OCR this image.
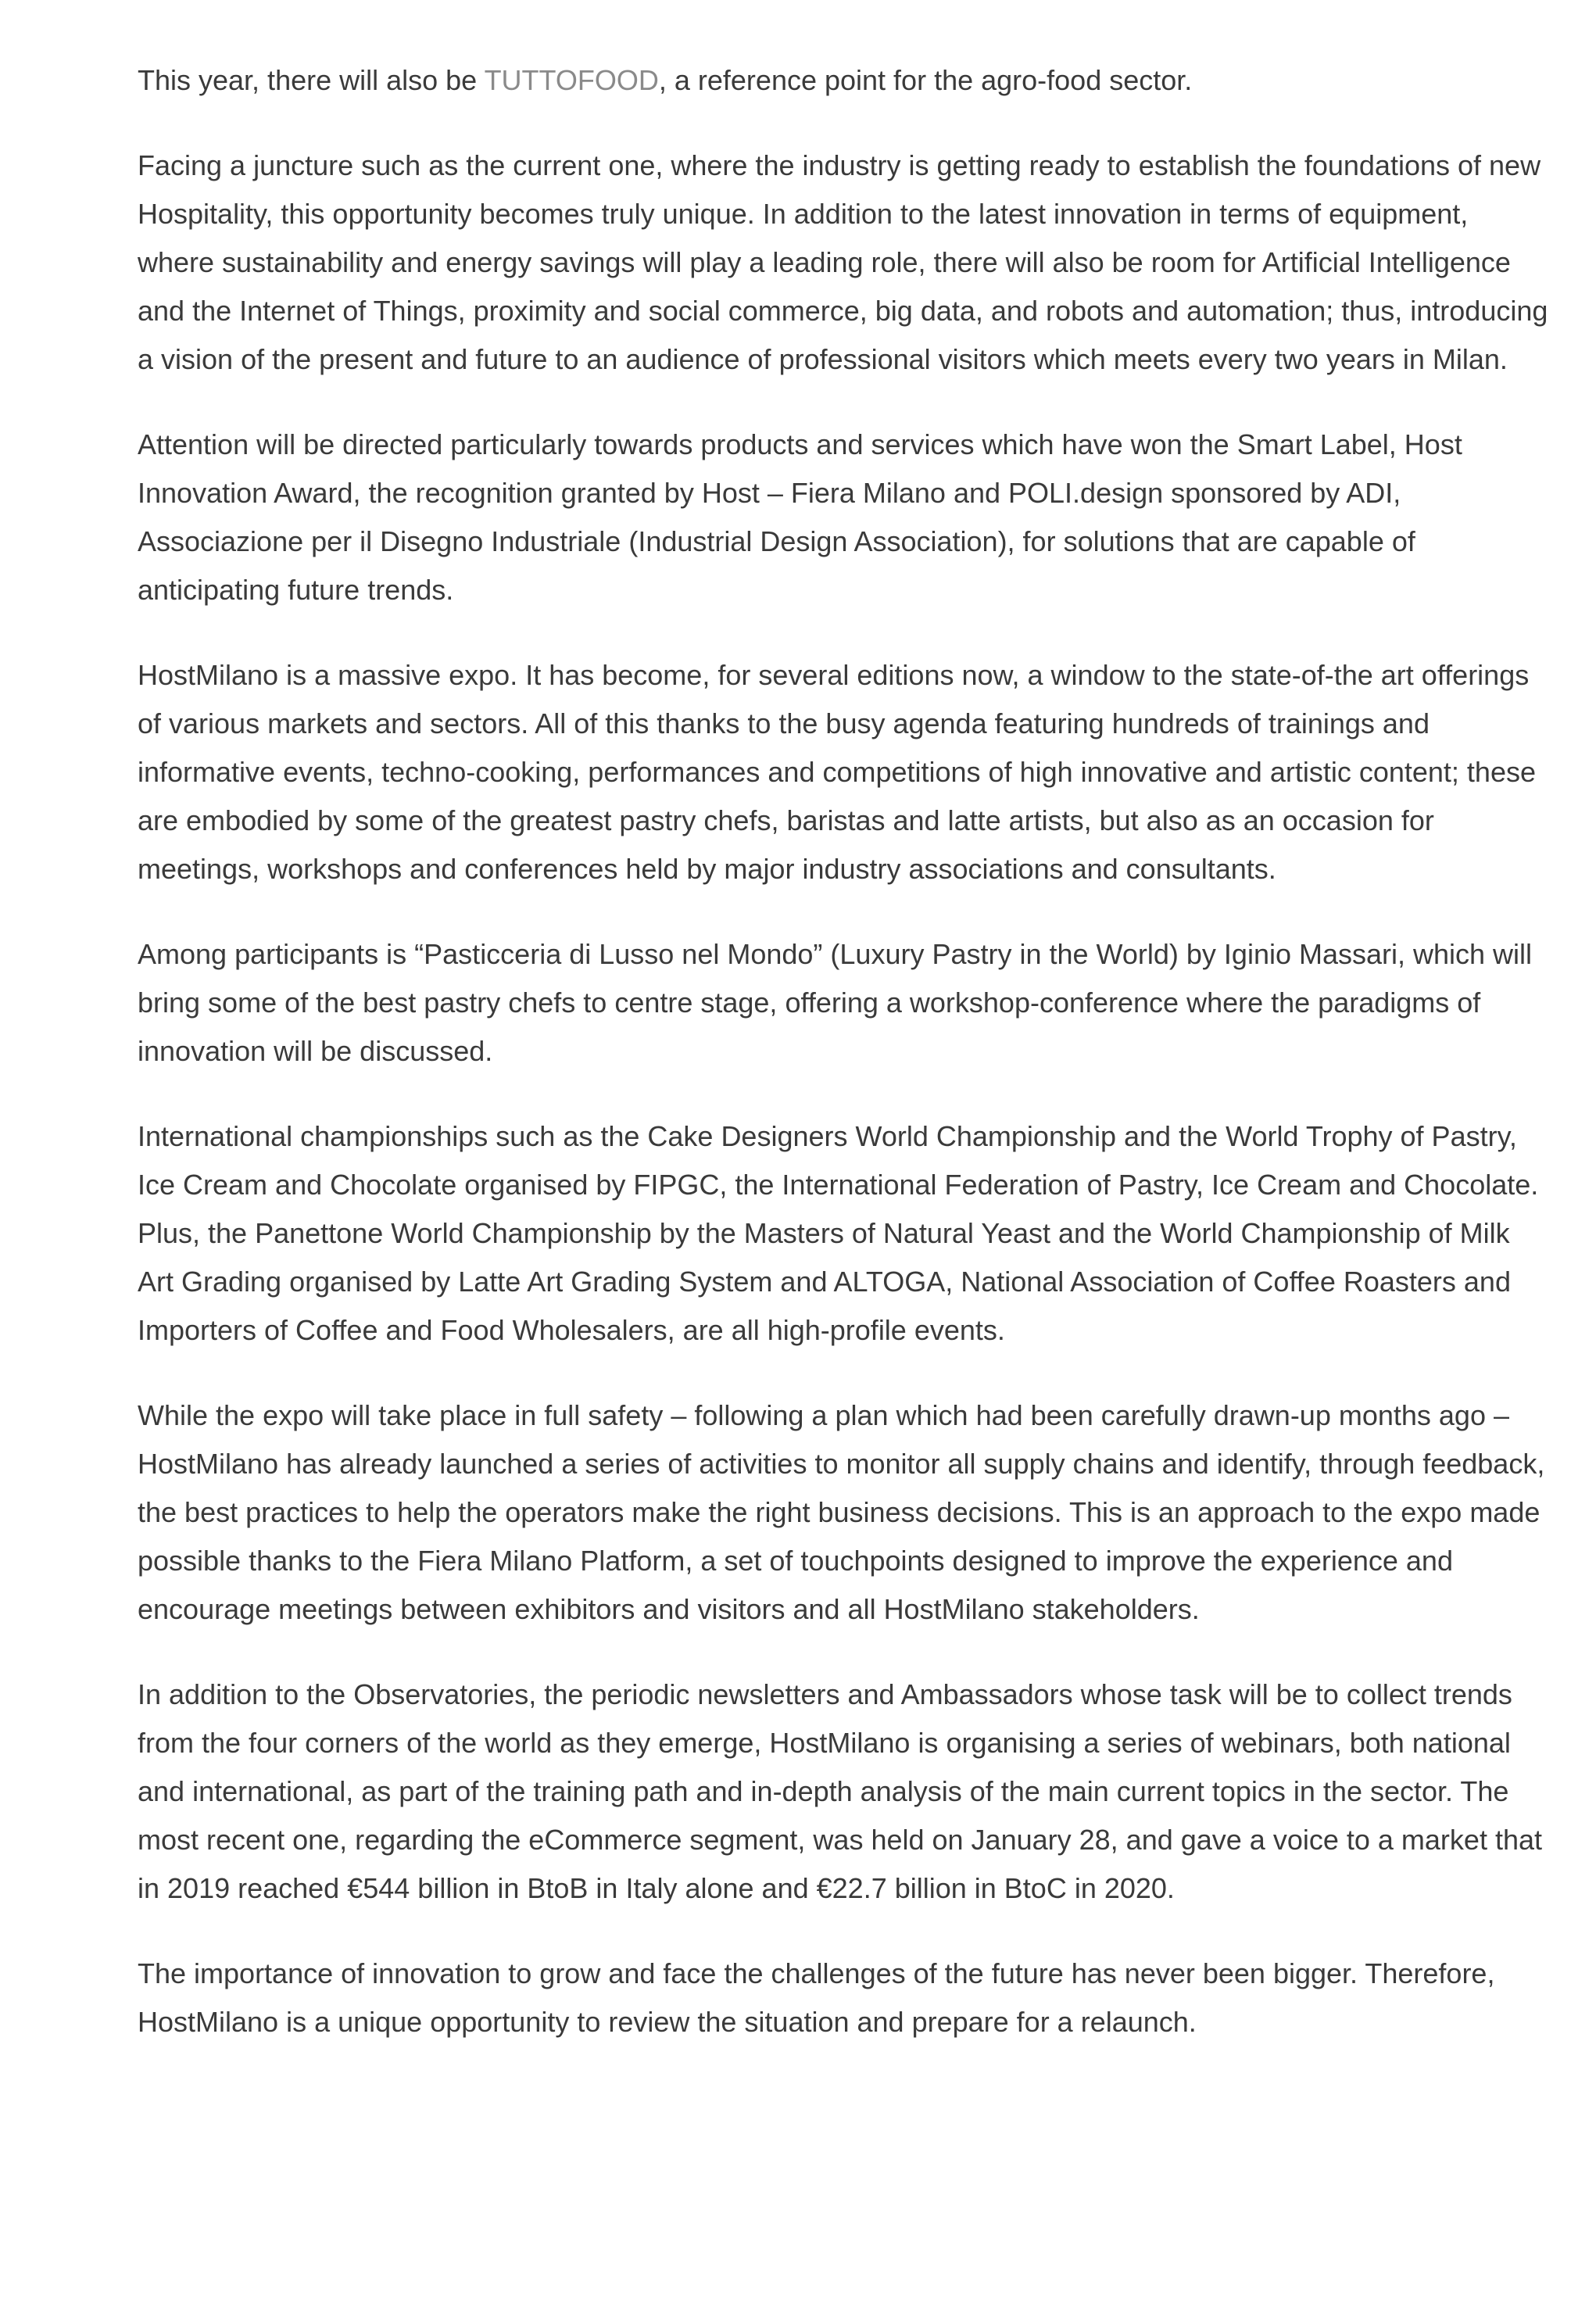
This year, there will also be TUTTOFOOD, a reference point for the agro-food sector.

Facing a juncture such as the current one, where the industry is getting ready to establish the foundations of new Hospitality, this opportunity becomes truly unique. In addition to the latest innovation in terms of equipment, where sustainability and energy savings will play a leading role, there will also be room for Artificial Intelligence and the Internet of Things, proximity and social commerce, big data, and robots and automation; thus, introducing a vision of the present and future to an audience of professional visitors which meets every two years in Milan.

Attention will be directed particularly towards products and services which have won the Smart Label, Host Innovation Award, the recognition granted by Host – Fiera Milano and POLI.design sponsored by ADI, Associazione per il Disegno Industriale (Industrial Design Association), for solutions that are capable of anticipating future trends.

HostMilano is a massive expo. It has become, for several editions now, a window to the state-of-the art offerings of various markets and sectors. All of this thanks to the busy agenda featuring hundreds of trainings and informative events, techno-cooking, performances and competitions of high innovative and artistic content; these are embodied by some of the greatest pastry chefs, baristas and latte artists, but also as an occasion for meetings, workshops and conferences held by major industry associations and consultants.

Among participants is “Pasticceria di Lusso nel Mondo” (Luxury Pastry in the World) by Iginio Massari, which will bring some of the best pastry chefs to centre stage, offering a workshop-conference where the paradigms of innovation will be discussed.

International championships such as the Cake Designers World Championship and the World Trophy of Pastry, Ice Cream and Chocolate organised by FIPGC, the International Federation of Pastry, Ice Cream and Chocolate. Plus, the Panettone World Championship by the Masters of Natural Yeast and the World Championship of Milk Art Grading organised by Latte Art Grading System and ALTOGA, National Association of Coffee Roasters and Importers of Coffee and Food Wholesalers, are all high-profile events.

While the expo will take place in full safety – following a plan which had been carefully drawn-up months ago – HostMilano has already launched a series of activities to monitor all supply chains and identify, through feedback, the best practices to help the operators make the right business decisions. This is an approach to the expo made possible thanks to the Fiera Milano Platform, a set of touchpoints designed to improve the experience and encourage meetings between exhibitors and visitors and all HostMilano stakeholders.

In addition to the Observatories, the periodic newsletters and Ambassadors whose task will be to collect trends from the four corners of the world as they emerge, HostMilano is organising a series of webinars, both national and international, as part of the training path and in-depth analysis of the main current topics in the sector. The most recent one, regarding the eCommerce segment, was held on January 28, and gave a voice to a market that in 2019 reached €544 billion in BtoB in Italy alone and €22.7 billion in BtoC in 2020.

The importance of innovation to grow and face the challenges of the future has never been bigger. Therefore, HostMilano is a unique opportunity to review the situation and prepare for a relaunch.
